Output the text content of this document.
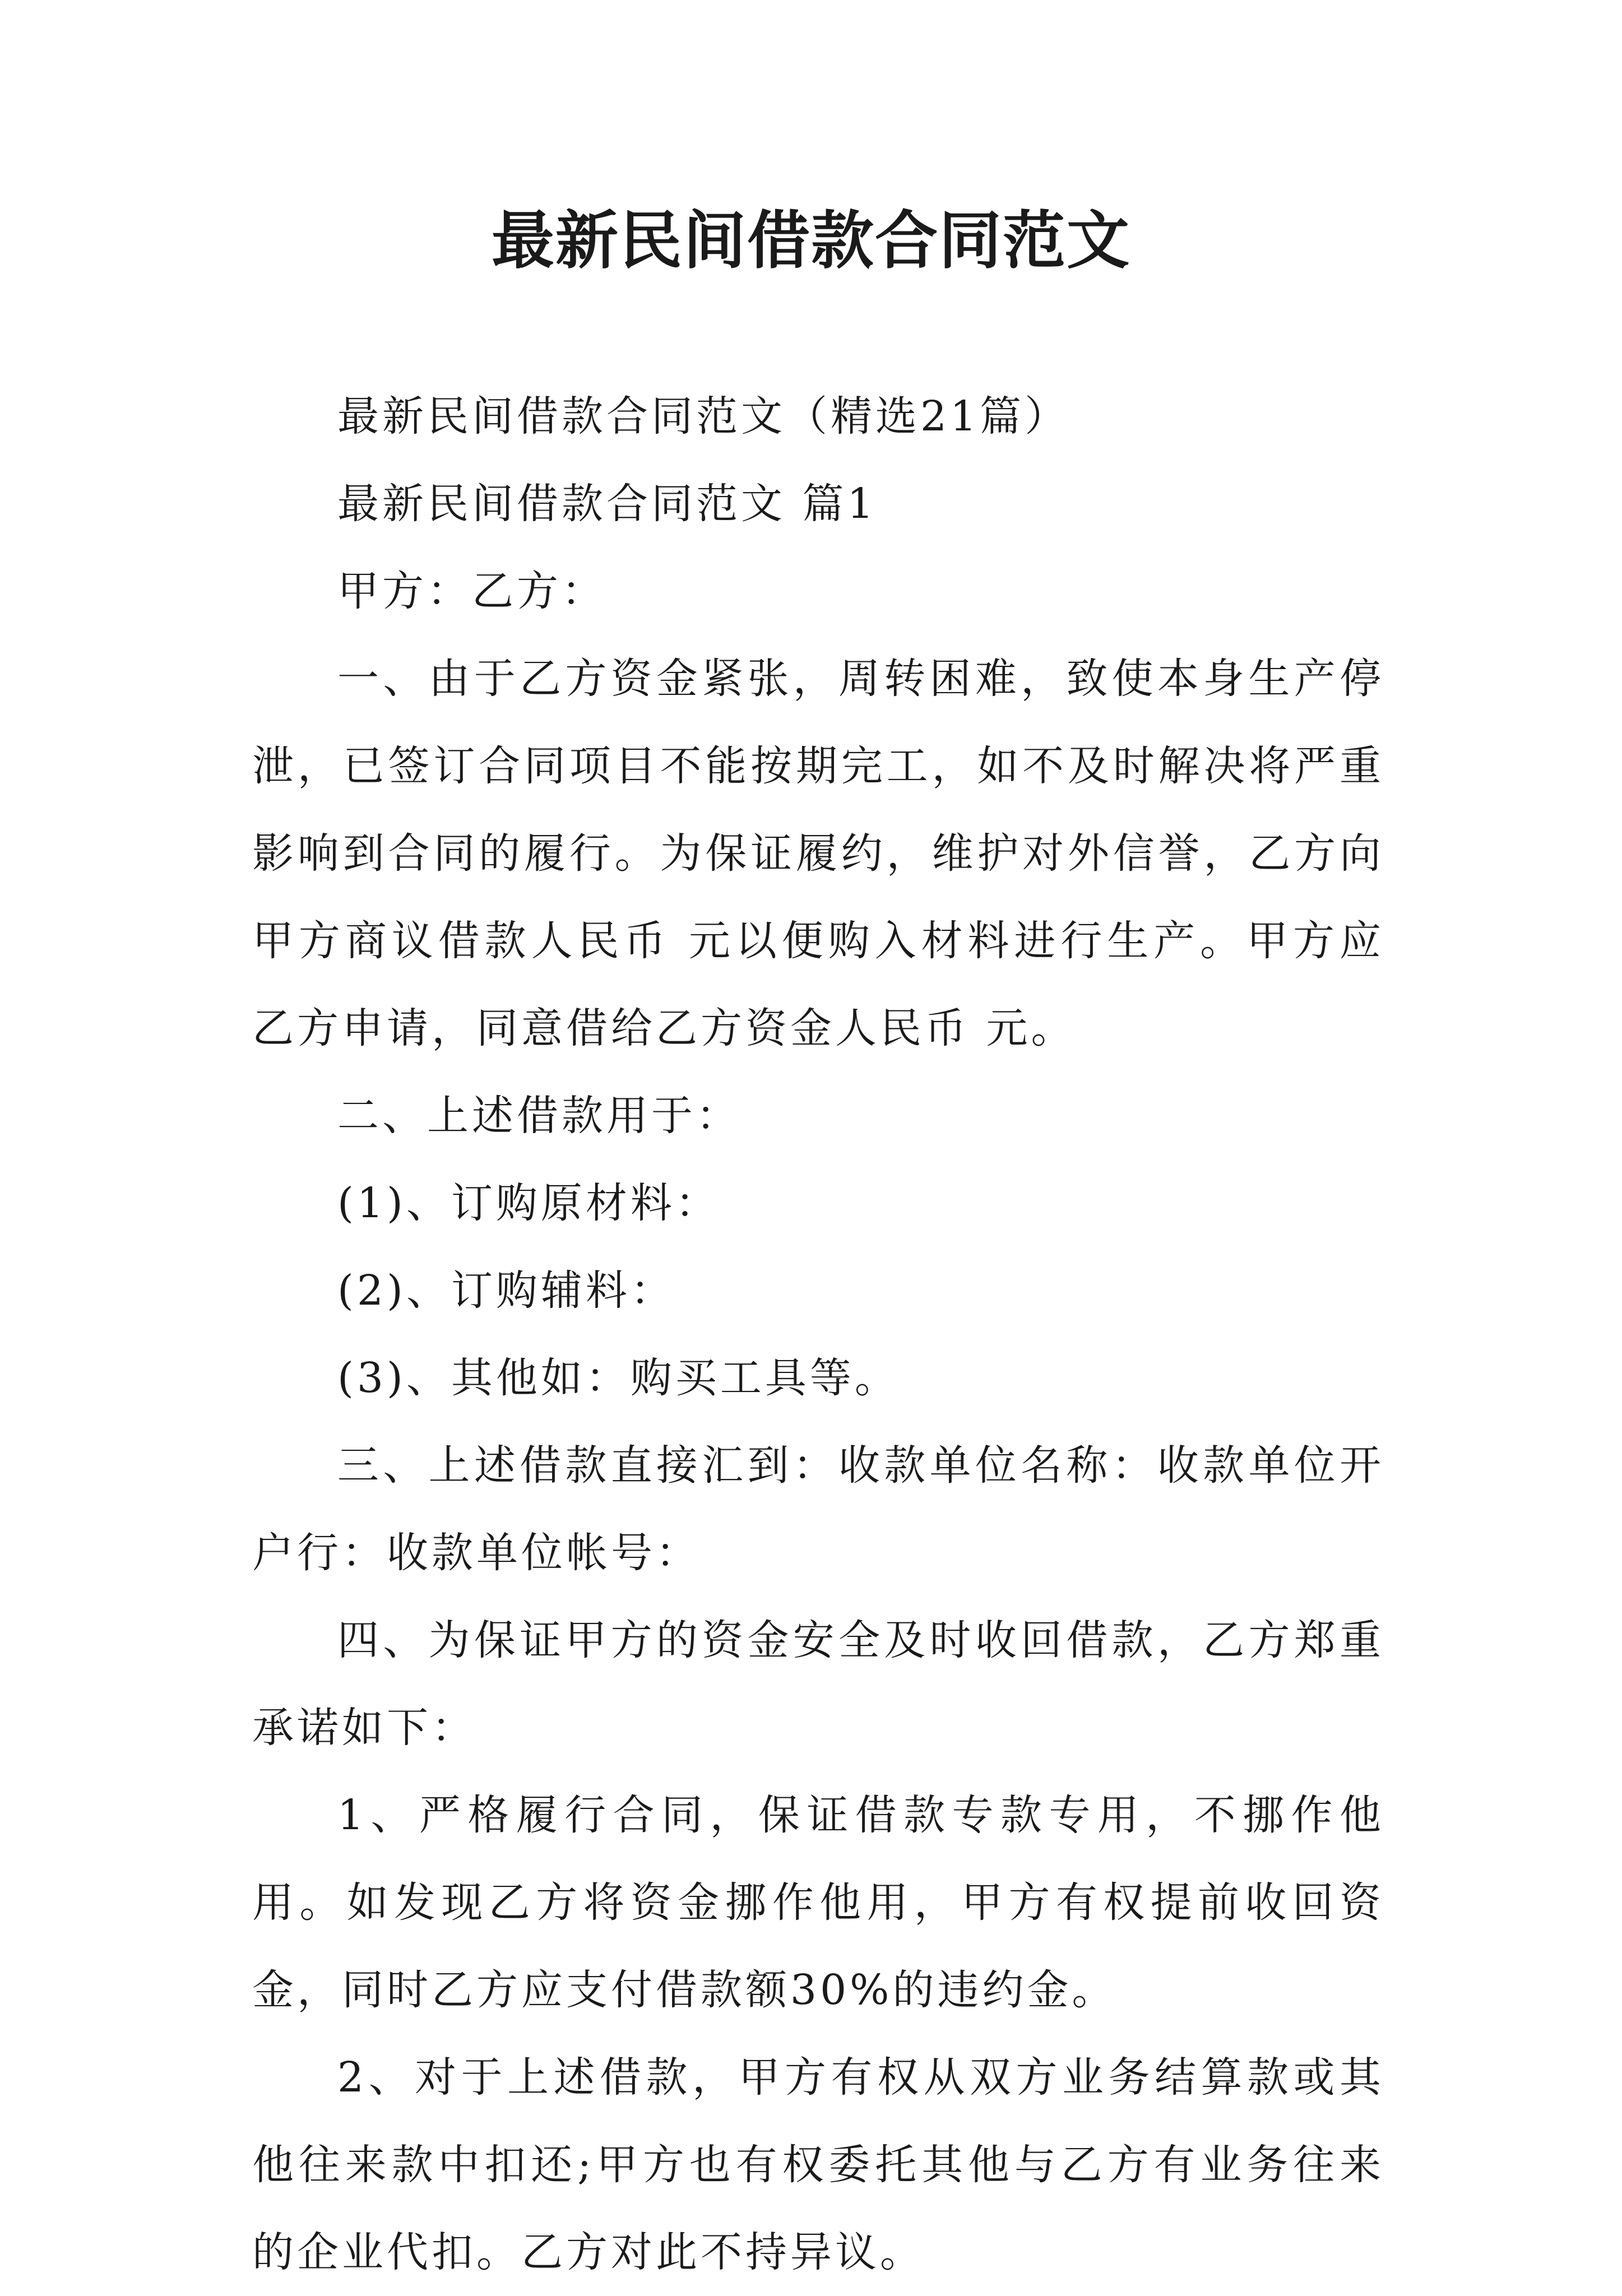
最新民间借款合同范文

最新民间借款合同范文（精选21篇）

最新民间借款合同范文 篇1

甲方：乙方：

一、由于乙方资金紧张，周转困难，致使本身生产停泄，已签订合同项目不能按期完工，如不及时解决将严重影响到合同的履行。为保证履约，维护对外信誉，乙方向甲方商议借款人民币 元以便购入材料进行生产。甲方应乙方申请，同意借给乙方资金人民币 元。

二、上述借款用于：

(1)、订购原材料：

(2)、订购辅料：

(3)、其他如：购买工具等。

三、上述借款直接汇到：收款单位名称：收款单位开户行：收款单位帐号：

四、为保证甲方的资金安全及时收回借款，乙方郑重承诺如下：

1、严格履行合同，保证借款专款专用，不挪作他用。如发现乙方将资金挪作他用，甲方有权提前收回资金，同时乙方应支付借款额30%的违约金。

2、对于上述借款，甲方有权从双方业务结算款或其他往来款中扣还;甲方也有权委托其他与乙方有业务往来的企业代扣。乙方对此不持异议。
